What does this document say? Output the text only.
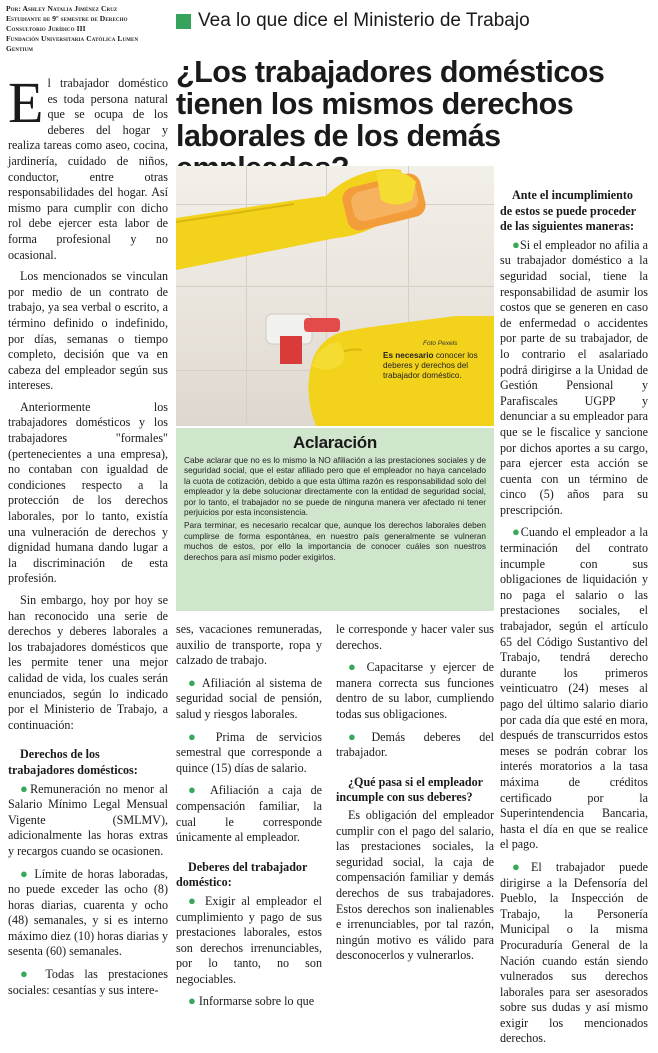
Por: Ashley Natalia Jiménez Cruz
Estudiante de 9º semestre de Derecho
Consultorio Jurídico III
Fundación Universitaria Católica Lumen Gentium
Vea lo que dice el Ministerio de Trabajo
¿Los trabajadores domésticos tienen los mismos derechos laborales de los demás

El trabajador doméstico es toda persona natural que se ocupa de los deberes del hogar y realiza tareas como aseo, cocina, jardinería, cuidado de niños, conductor, entre otras responsabilidades del hogar. Así mismo para cumplir con dicho rol debe ejercer esta labor de forma profesional y no ocasional.

Los mencionados se vinculan por medio de un contrato de trabajo, ya sea verbal o escrito, a término definido o indefinido, por días, semanas o tiempo completo, decisión que va en cabeza del empleador según sus intereses.

Anteriormente los trabajadores domésticos y los trabajadores "formales" (pertenecientes a una empresa), no contaban con igualdad de condiciones respecto a la protección de los derechos laborales, por lo tanto, existía una vulneración de derechos y dignidad humana dando lugar a la discriminación de esta profesión.

Sin embargo, hoy por hoy se han reconocido una serie de derechos y deberes laborales a los trabajadores domésticos que les permite tener una mejor calidad de vida, los cuales serán enunciados, según lo indicado por el Ministerio de Trabajo, a continuación:

Derechos de los trabajadores domésticos:

●Remuneración no menor al Salario Mínimo Legal Mensual Vigente (SMLMV), adicionalmente las horas extras y recargos cuando se ocasionen.

● Límite de horas laboradas, no puede exceder las ocho (8) horas diarias, cuarenta y ocho (48) semanales, y si es interno máximo diez (10) horas diarias y sesenta (60) semanales.

● Todas las prestaciones sociales: cesantías y sus intere-

Foto Pexels
Es necesario conocer los deberes y derechos del trabajador doméstico.
Aclaración

Cabe aclarar que no es lo mismo la NO afiliación a las prestaciones sociales y de seguridad social, que el estar afiliado pero que el empleador no haya cancelado la cuota de cotización, debido a que esta última razón es responsabilidad solo del empleador y la debe solucionar directamente con la entidad de seguridad social, por lo tanto, el trabajador no se puede de ninguna manera ver afectado ni tener perjuicios por esta inconsistencia.

Para terminar, es necesario recalcar que, aunque los derechos laborales deben cumplirse de forma espontánea, en nuestro país generalmente se vulneran muchos de estos, por ello la importancia de conocer cuáles son nuestros derechos para así mismo poder exigirlos.

ses, vacaciones remuneradas, auxilio de transporte, ropa y calzado de trabajo.

● Afiliación al sistema de seguridad social de pensión, salud y riesgos laborales.

● Prima de servicios semestral que corresponde a quince (15) días de salario.

● Afiliación a caja de compensación familiar, la cual le corresponde únicamente al empleador.

Deberes del trabajador doméstico:

● Exigir al empleador el cumplimiento y pago de sus prestaciones laborales, estos son derechos irrenunciables, por lo tanto, no son negociables.

● Informarse sobre lo que

le corresponde y hacer valer sus derechos.

● Capacitarse y ejercer de manera correcta sus funciones dentro de su labor, cumpliendo todas sus obligaciones.

●Demás deberes del trabajador.

¿Qué pasa si el empleador incumple con sus deberes?

Es obligación del empleador cumplir con el pago del salario, las prestaciones sociales, la seguridad social, la caja de compensación familiar y demás derechos de sus trabajadores. Estos derechos son inalienables e irrenunciables, por tal razón, ningún motivo es válido para desconocerlos y vulnerarlos.

Ante el incumplimiento de estos se puede proceder de las siguientes maneras:

●Si el empleador no afilia a su trabajador doméstico a la seguridad social, tiene la responsabilidad de asumir los costos que se generen en caso de enfermedad o accidentes por parte de su trabajador, de lo contrario el asalariado podrá dirigirse a la Unidad de Gestión Pensional y Parafiscales UGPP y denunciar a su empleador para que se le fiscalice y sancione por dichos aportes a su cargo, para ejercer esta acción se cuenta con un término de cinco (5) años para su prescripción.

●Cuando el empleador a la terminación del contrato incumple con sus obligaciones de liquidación y no paga el salario o las prestaciones sociales, el trabajador, según el artículo 65 del Código Sustantivo del Trabajo, tendrá derecho durante los primeros veinticuatro (24) meses al pago del último salario diario por cada día que esté en mora, después de transcurridos estos meses se podrán cobrar los interés moratorios a la tasa máxima de créditos certificado por la Superintendencia Bancaria, hasta el día en que se realice el pago.

●El trabajador puede dirigirse a la Defensoría del Pueblo, la Inspección de Trabajo, la Personería Municipal o la misma Procuraduría General de la Nación cuando están siendo vulnerados sus derechos laborales para ser asesorados sobre sus dudas y así mismo exigir los mencionados derechos.
